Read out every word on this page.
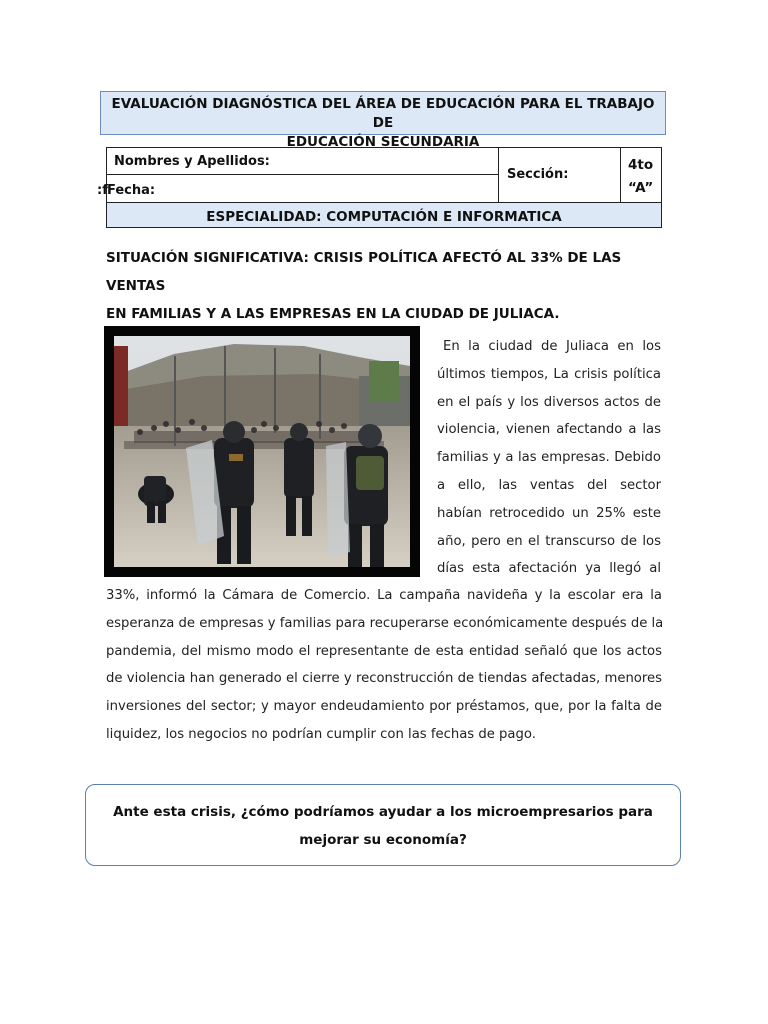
EVALUACIÓN DIAGNÓSTICA DEL ÁREA DE EDUCACIÓN PARA EL TRABAJO DE
EDUCACIÓN SECUNDARIA
Nombres y Apellidos:
:f Fecha:
Sección:
4to
“A”
ESPECIALIDAD: COMPUTACIÓN E INFORMATICA
SITUACIÓN SIGNIFICATIVA: CRISIS POLÍTICA AFECTÓ AL 33% DE LAS VENTAS
EN FAMILIAS Y A LAS EMPRESAS EN LA CIUDAD DE JULIACA.
En la ciudad de Juliaca en los
últimos tiempos, La crisis política
en el país y los diversos actos de
violencia, vienen afectando a las
familias y a las empresas. Debido
a ello, las ventas del sector
habían retrocedido un 25% este
año, pero en el transcurso de los
días esta afectación ya llegó al
33%, informó la Cámara de Comercio. La campaña navideña y la escolar era la
esperanza de empresas y familias para recuperarse económicamente después de la
pandemia, del mismo modo el representante de esta entidad señaló que los actos
de violencia han generado el cierre y reconstrucción de tiendas afectadas, menores
inversiones del sector; y mayor endeudamiento por préstamos, que, por la falta de
liquidez, los negocios no podrían cumplir con las fechas de pago.
Ante esta crisis, ¿cómo podríamos ayudar a los microempresarios para
mejorar su economía?
